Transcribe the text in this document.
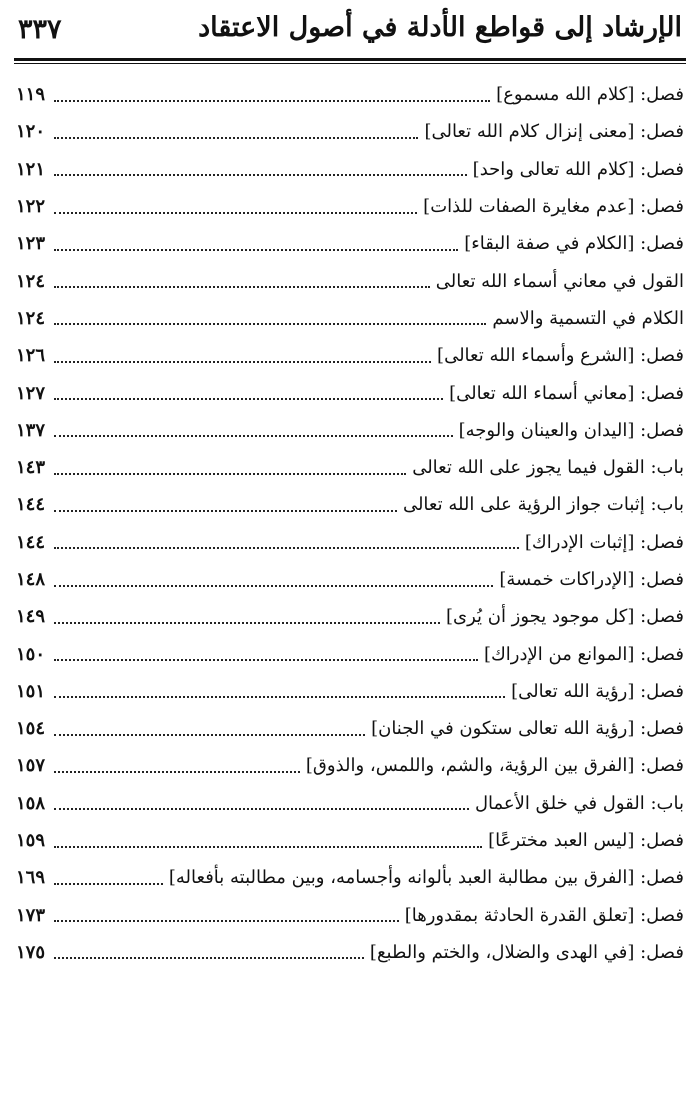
الإرشاد إلى قواطع الأدلة في أصول الاعتقاد
٣٣٧
فصل: [كلام الله مسموع]
١١٩
فصل: [معنى إنزال كلام الله تعالى]
١٢٠
فصل: [كلام الله تعالى واحد]
١٢١
فصل: [عدم مغايرة الصفات للذات]
١٢٢
فصل: [الكلام في صفة البقاء]
١٢٣
القول في معاني أسماء الله تعالى
١٢٤
الكلام في التسمية والاسم
١٢٤
فصل: [الشرع وأسماء الله تعالى]
١٢٦
فصل: [معاني أسماء الله تعالى]
١٢٧
فصل: [اليدان والعينان والوجه]
١٣٧
باب: القول فيما يجوز على الله تعالى
١٤٣
باب: إثبات جواز الرؤية على الله تعالى
١٤٤
فصل: [إثبات الإدراك]
١٤٤
فصل: [الإدراكات خمسة]
١٤٨
فصل: [كل موجود يجوز أن يُرى]
١٤٩
فصل: [الموانع من الإدراك]
١٥٠
فصل: [رؤية الله تعالى]
١٥١
فصل: [رؤية الله تعالى ستكون في الجنان]
١٥٤
فصل: [الفرق بين الرؤية، والشم، واللمس، والذوق]
١٥٧
باب: القول في خلق الأعمال
١٥٨
فصل: [ليس العبد مخترعًا]
١٥٩
فصل: [الفرق بين مطالبة العبد بألوانه وأجسامه، وبين مطالبته بأفعاله]
١٦٩
فصل: [تعلق القدرة الحادثة بمقدورها]
١٧٣
فصل: [في الهدى والضلال، والختم والطبع]
١٧٥
